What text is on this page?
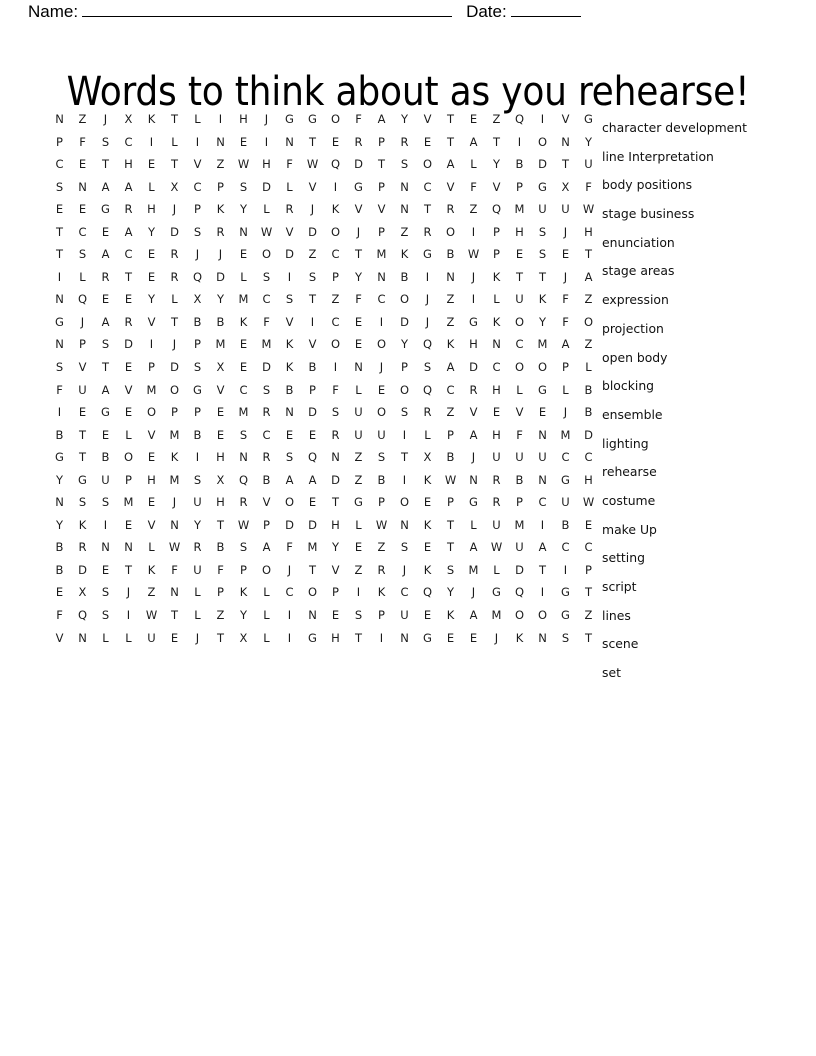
Name:	Date:
Words to think about as you rehearse!
N	Z	J	X	K	T	L	I	H	J	G	G	O	F	A	Y	V	T	E	Z	Q	I	V	G
P	F	S	C	I	L	I	N	E	I	N	T	E	R	P	R	E	T	A	T	I	O	N	Y
C	E	T	H	E	T	V	Z	W	H	F	W	Q	D	T	S	O	A	L	Y	B	D	T	U
S	N	A	A	L	X	C	P	S	D	L	V	I	G	P	N	C	V	F	V	P	G	X	F
E	E	G	R	H	J	P	K	Y	L	R	J	K	V	V	N	T	R	Z	Q	M	U	U	W
T	C	E	A	Y	D	S	R	N	W	V	D	O	J	P	Z	R	O	I	P	H	S	J	H
T	S	A	C	E	R	J	J	E	O	D	Z	C	T	M	K	G	B	W	P	E	S	E	T
I	L	R	T	E	R	Q	D	L	S	I	S	P	Y	N	B	I	N	J	K	T	T	J	A
N	Q	E	E	Y	L	X	Y	M	C	S	T	Z	F	C	O	J	Z	I	L	U	K	F	Z
G	J	A	R	V	T	B	B	K	F	V	I	C	E	I	D	J	Z	G	K	O	Y	F	O
N	P	S	D	I	J	P	M	E	M	K	V	O	E	O	Y	Q	K	H	N	C	M	A	Z
S	V	T	E	P	D	S	X	E	D	K	B	I	N	J	P	S	A	D	C	O	O	P	L
F	U	A	V	M	O	G	V	C	S	B	P	F	L	E	O	Q	C	R	H	L	G	L	B
I	E	G	E	O	P	P	E	M	R	N	D	S	U	O	S	R	Z	V	E	V	E	J	B
B	T	E	L	V	M	B	E	S	C	E	E	R	U	U	I	L	P	A	H	F	N	M	D
G	T	B	O	E	K	I	H	N	R	S	Q	N	Z	S	T	X	B	J	U	U	U	C	C
Y	G	U	P	H	M	S	X	Q	B	A	A	D	Z	B	I	K	W	N	R	B	N	G	H
N	S	S	M	E	J	U	H	R	V	O	E	T	G	P	O	E	P	G	R	P	C	U	W
Y	K	I	E	V	N	Y	T	W	P	D	D	H	L	W	N	K	T	L	U	M	I	B	E
B	R	N	N	L	W	R	B	S	A	F	M	Y	E	Z	S	E	T	A	W	U	A	C	C
B	D	E	T	K	F	U	F	P	O	J	T	V	Z	R	J	K	S	M	L	D	T	I	P
E	X	S	J	Z	N	L	P	K	L	C	O	P	I	K	C	Q	Y	J	G	Q	I	G	T
F	Q	S	I	W	T	L	Z	Y	L	I	N	E	S	P	U	E	K	A	M	O	O	G	Z
V	N	L	L	U	E	J	T	X	L	I	G	H	T	I	N	G	E	E	J	K	N	S	T
character development
line Interpretation
body positions
stage business
enunciation
stage areas
expression
projection
open body
blocking
ensemble
lighting
rehearse
costume
make Up
setting
script
lines
scene
set
